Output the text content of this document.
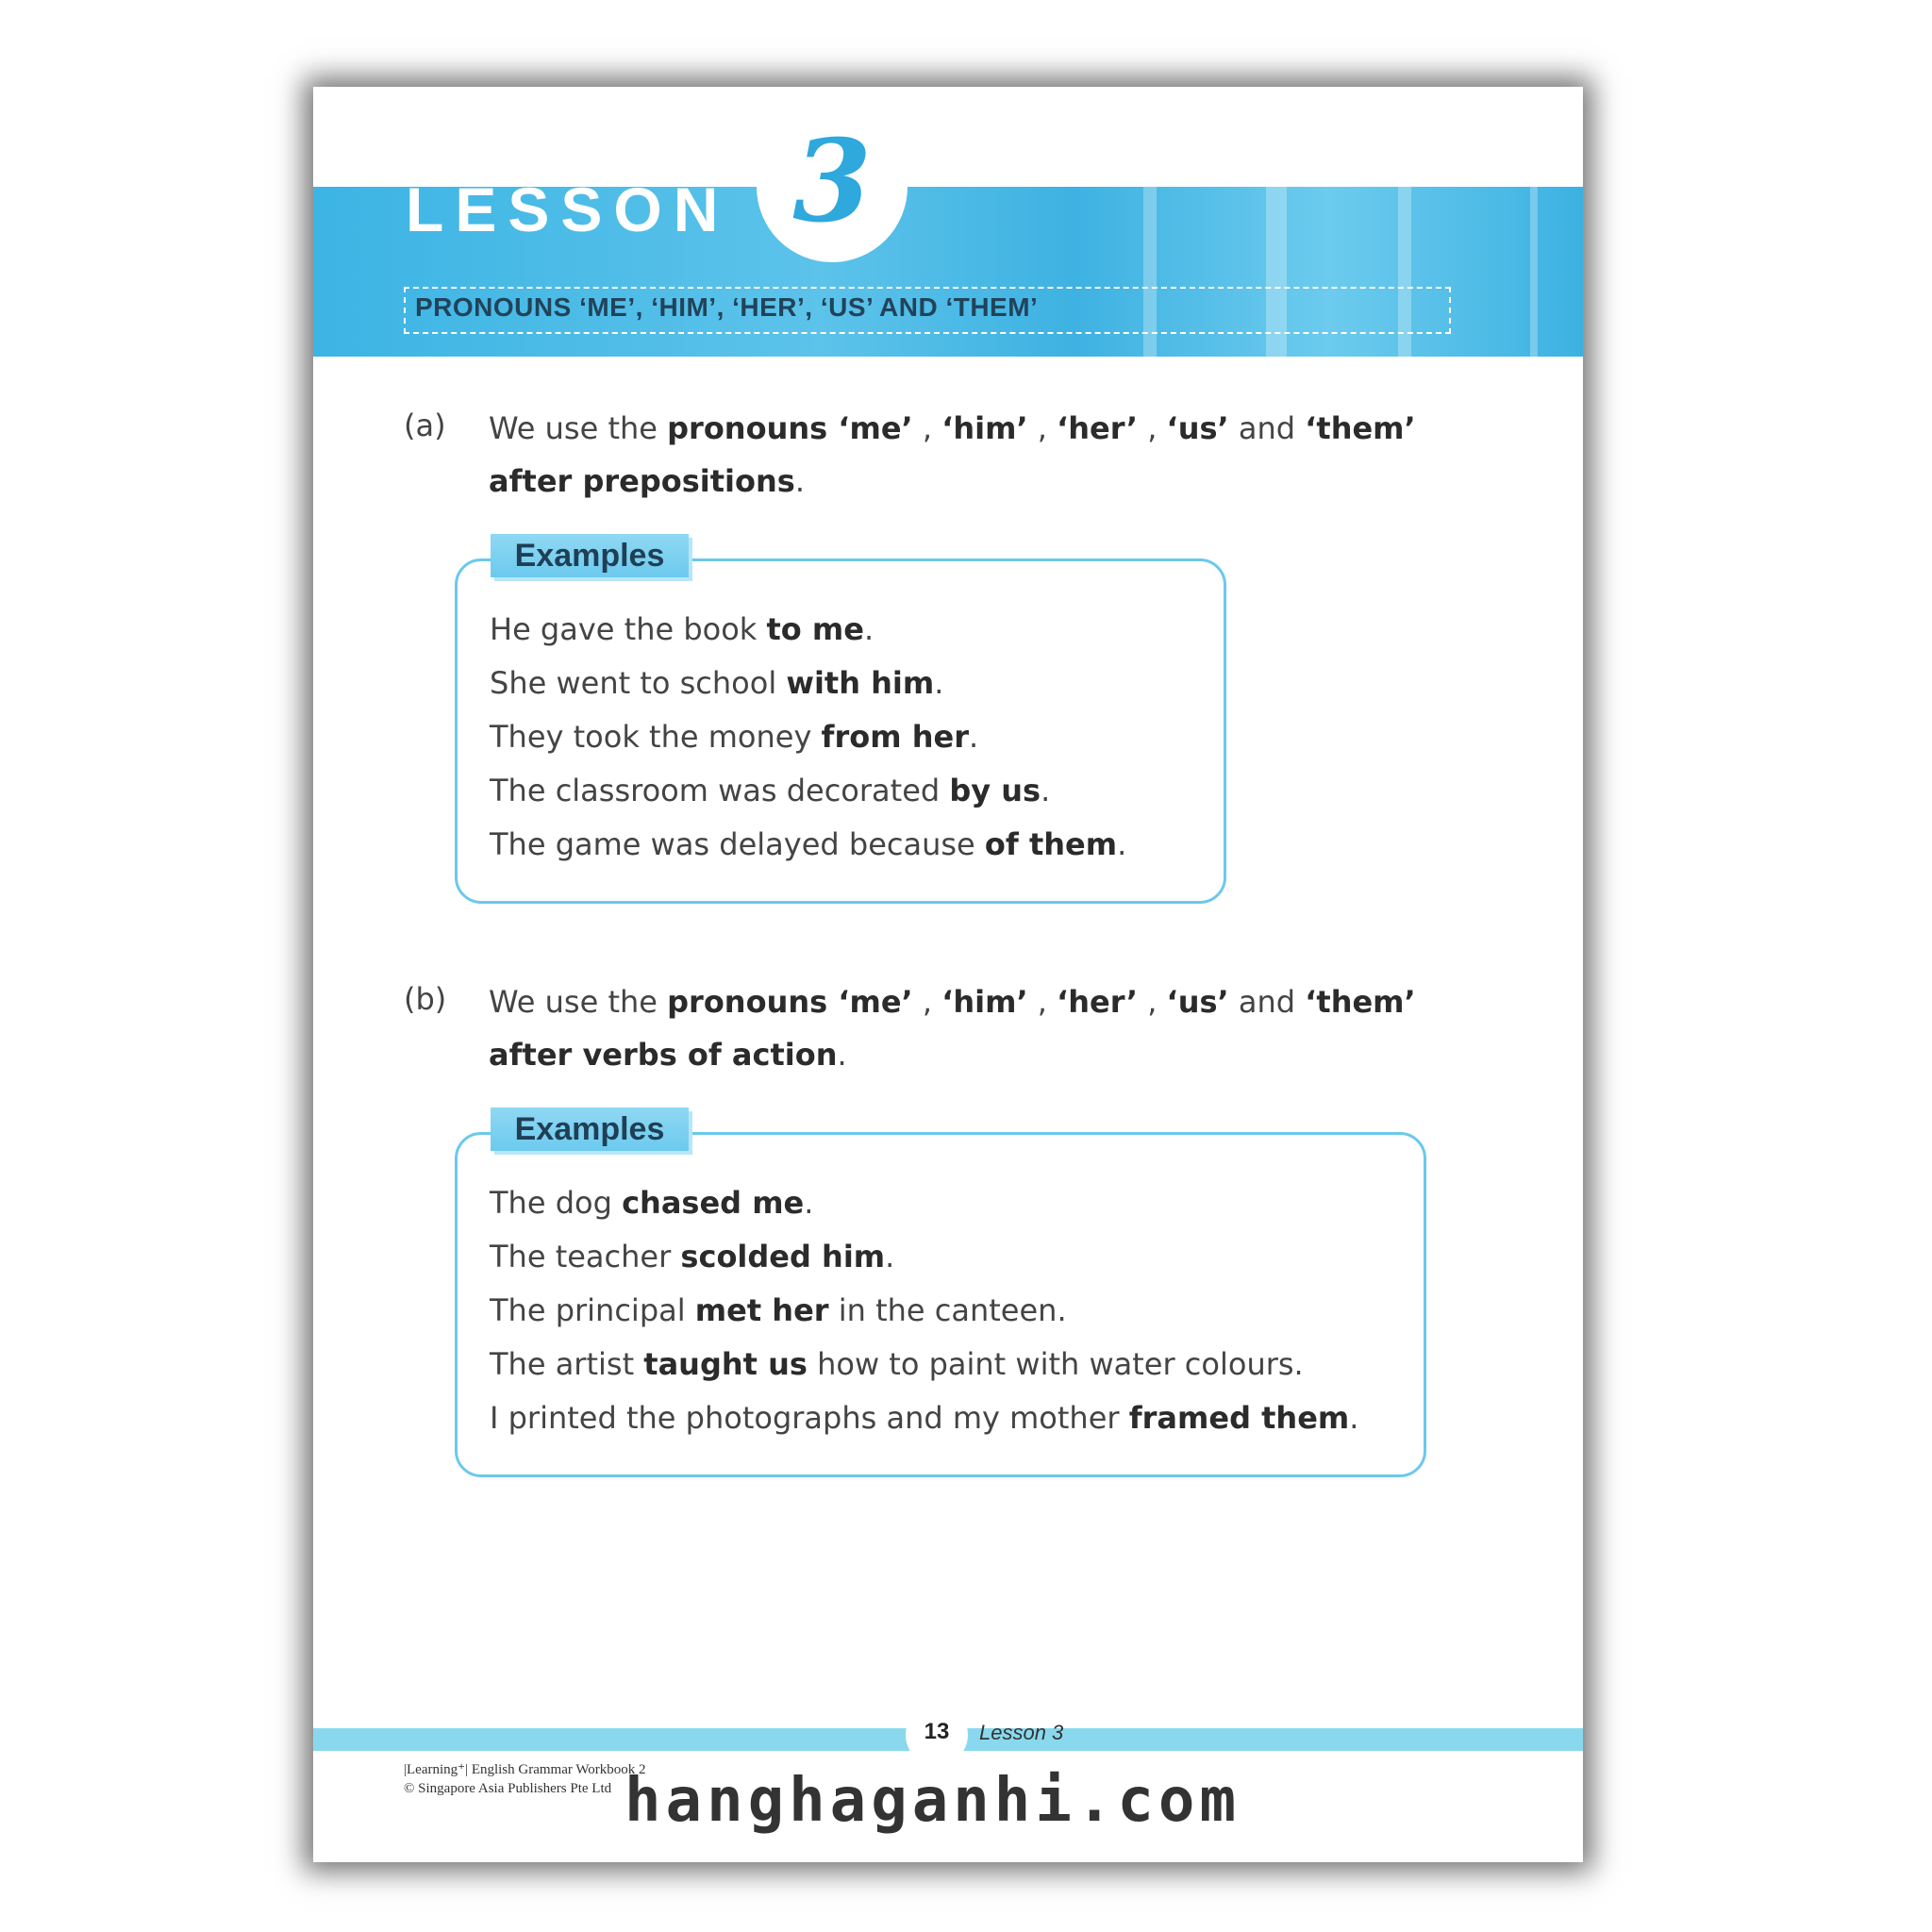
LESSON 3
PRONOUNS ‘ME’, ‘HIM’, ‘HER’, ‘US’ AND ‘THEM’
(a) We use the pronouns ‘me’ , ‘him’ , ‘her’ , ‘us’ and ‘them’ after prepositions.
He gave the book to me.
She went to school with him.
They took the money from her.
The classroom was decorated by us.
The game was delayed because of them.
Examples
(b) We use the pronouns ‘me’ , ‘him’ , ‘her’ , ‘us’ and ‘them’ after verbs of action.
The dog chased me.
The teacher scolded him.
The principal met her in the canteen.
The artist taught us how to paint with water colours.
I printed the photographs and my mother framed them.
Examples
13	Lesson 3
|Learning⁺| English Grammar Workbook 2
© Singapore Asia Publishers Pte Ltd hanghaganhi.com
